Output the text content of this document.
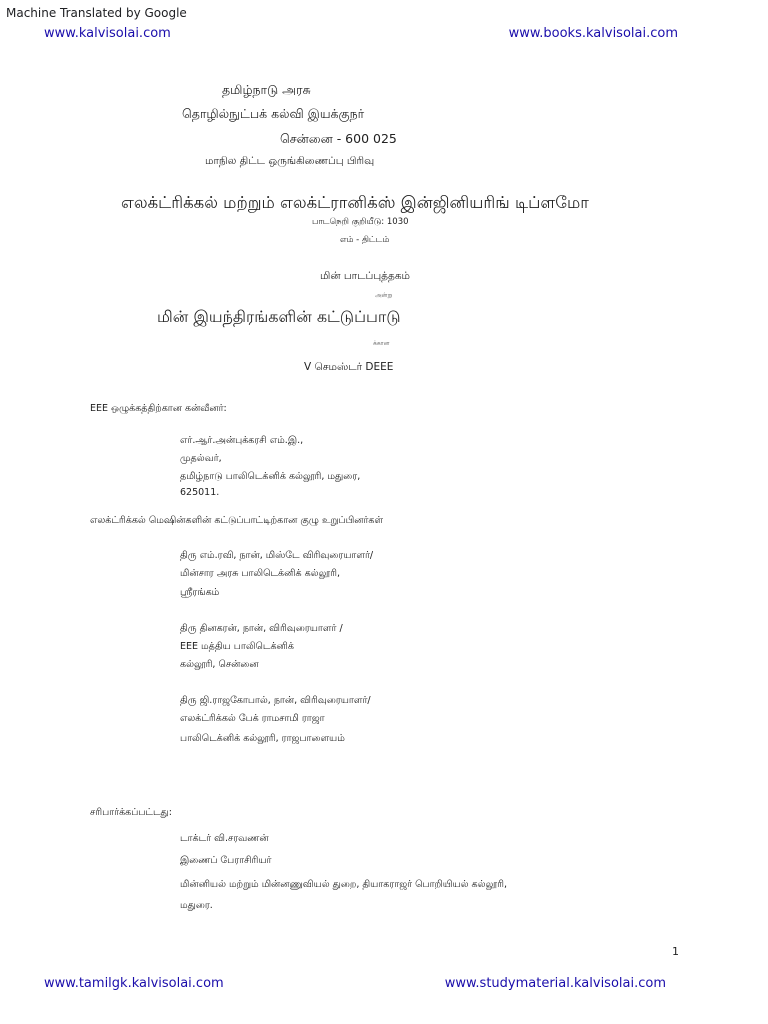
Machine Translated by Google
www.kalvisolai.com	www.books.kalvisolai.com
தமிழ்நாடு அரசு
தொழில்நுட்பக் கல்வி இயக்குநர்
சென்னை - 600 025
மாநில திட்ட ஒருங்கிணைப்பு பிரிவு
எலக்ட்ரிக்கல் மற்றும் எலக்ட்ரானிக்ஸ் இன்ஜினியரிங் டிப்ளமோ
பாடநெறி குறியீடு: 1030
எம் - திட்டம்
மின் பாடப்புத்தகம்
அன்று
மின் இயந்திரங்களின் கட்டுப்பாடு
க்கான
V செமஸ்டர் DEEE
EEE ஒழுக்கத்திற்கான கன்வீனர்:
எர்.ஆர்.அன்புக்கரசி எம்.இ.,
முதல்வர்,
தமிழ்நாடு பாலிடெக்னிக் கல்லூரி, மதுரை,
625011.
எலக்ட்ரிக்கல் மெஷின்களின் கட்டுப்பாட்டிற்கான குழு உறுப்பினர்கள்
திரு எம்.ரவி, நான், மிஸ்டே விரிவுரையாளர்/
மின்சார அரசு பாலிடெக்னிக் கல்லூரி,
ஸ்ரீரங்கம்
திரு தினகரன், நான், விரிவுரையாளர் /
EEE மத்திய பாலிடெக்னிக்
கல்லூரி, சென்னை
திரு ஜி.ராஜகோபால், நான், விரிவுரையாளர்/
எலக்ட்ரிக்கல் பேக் ராமசாமி ராஜா
பாலிடெக்னிக் கல்லூரி, ராஜபாளையம்
சரிபார்க்கப்பட்டது:
டாக்டர் வி.சரவணன்
இணைப் பேராசிரியர்
மின்னியல் மற்றும் மின்னணுவியல் துறை, தியாகராஜர் பொறியியல் கல்லூரி,
மதுரை.
1
www.tamilgk.kalvisolai.com	www.studymaterial.kalvisolai.com
